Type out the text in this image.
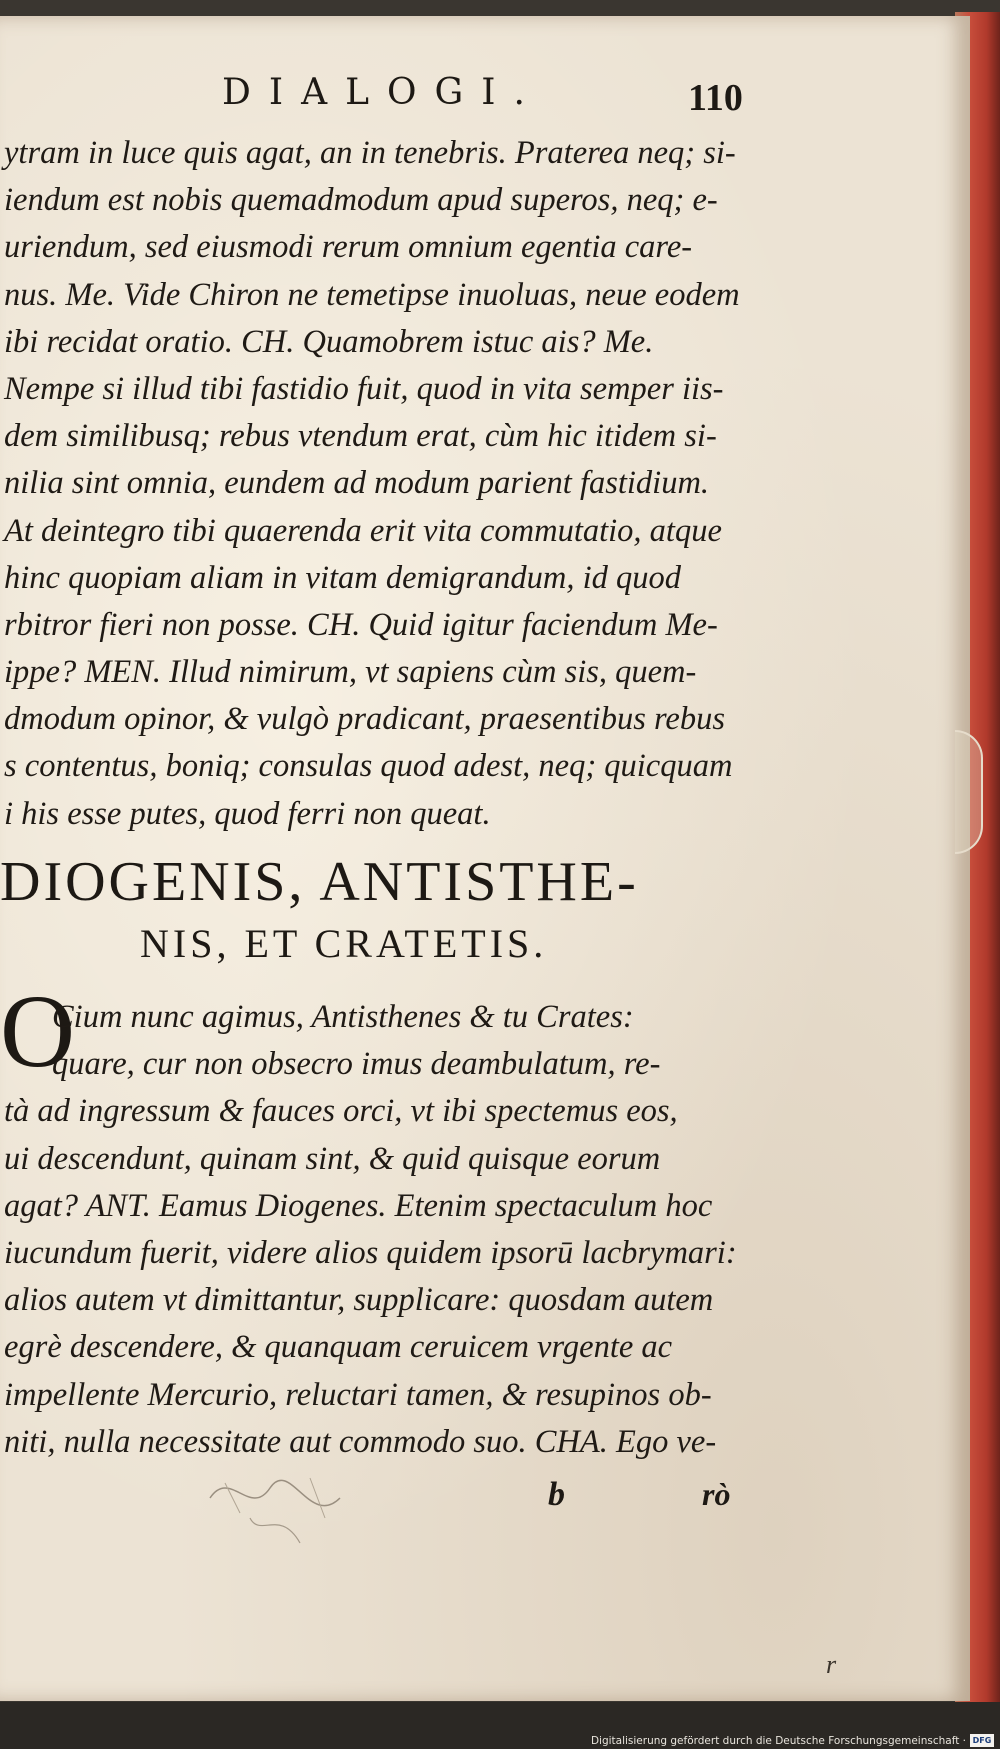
DIALOGI.	110
ytram in luce quis agat, an in tenebris. Praterea neq; si-
iendum est nobis quemadmodum apud superos, neq; e-
uriendum, sed eiusmodi rerum omnium egentia care-
nus. Me. Vide Chiron ne temetipse inuoluas, neue eodem
ibi recidat oratio. CH. Quamobrem istuc ais? Me.
Nempe si illud tibi fastidio fuit, quod in vita semper iis-
dem similibusq; rebus vtendum erat, cùm hic itidem si-
nilia sint omnia, eundem ad modum parient fastidium.
At deintegro tibi quaerenda erit vita commutatio, atque
hinc quopiam aliam in vitam demigrandum, id quod
rbitror fieri non posse. CH. Quid igitur faciendum Me-
ippe? MEN. Illud nimirum, vt sapiens cùm sis, quem-
dmodum opinor, & vulgò pradicant, praesentibus rebus
s contentus, boniq; consulas quod adest, neq; quicquam
i his esse putes, quod ferri non queat.
DIOGENIS, ANTISTHE-
NIS, ET CRATETIS.
O
Cium nunc agimus, Antisthenes & tu Crates:
quare, cur non obsecro imus deambulatum, re-
tà ad ingressum & fauces orci, vt ibi spectemus eos,
ui descendunt, quinam sint, & quid quisque eorum
agat? ANT. Eamus Diogenes. Etenim spectaculum hoc
iucundum fuerit, videre alios quidem ipsorū lacbrymari:
alios autem vt dimittantur, supplicare: quosdam autem
egrè descendere, & quanquam ceruicem vrgente ac
impellente Mercurio, reluctari tamen, & resupinos ob-
niti, nulla necessitate aut commodo suo. CHA. Ego ve-
b	rò
r
Digitalisierung gefördert durch die Deutsche Forschungsgemeinschaft · DFG
